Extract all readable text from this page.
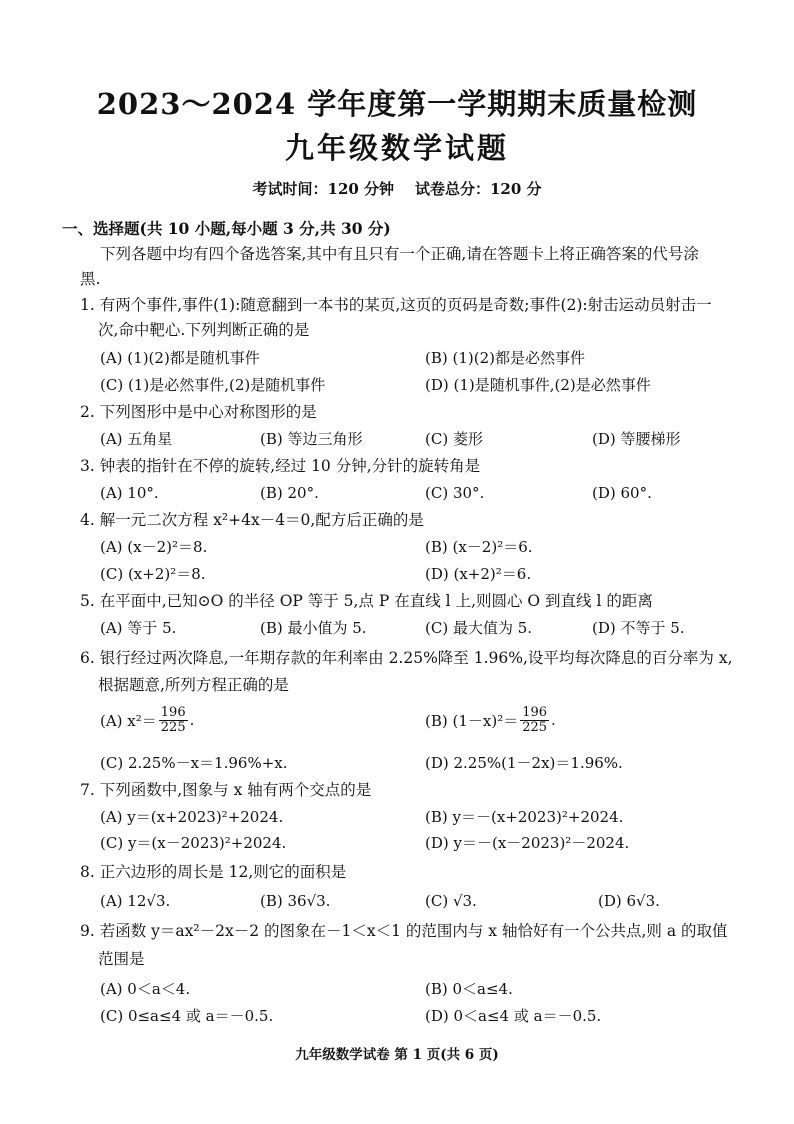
2023～2024 学年度第一学期期末质量检测
九年级数学试题
考试时间：120 分钟    试卷总分：120 分
一、选择题(共 10 小题,每小题 3 分,共 30 分)
下列各题中均有四个备选答案,其中有且只有一个正确,请在答题卡上将正确答案的代号涂
黑.
1. 有两个事件,事件(1):随意翻到一本书的某页,这页的页码是奇数;事件(2):射击运动员射击一
次,命中靶心.下列判断正确的是
(A) (1)(2)都是随机事件	(B) (1)(2)都是必然事件
(C) (1)是必然事件,(2)是随机事件	(D) (1)是随机事件,(2)是必然事件
2. 下列图形中是中心对称图形的是
(A) 五角星	(B) 等边三角形	(C) 菱形	(D) 等腰梯形
3. 钟表的指针在不停的旋转,经过 10 分钟,分针的旋转角是
(A) 10°.	(B) 20°.	(C) 30°.	(D) 60°.
4. 解一元二次方程 x²+4x－4＝0,配方后正确的是
(A) (x－2)²＝8.	(B) (x－2)²＝6.
(C) (x+2)²＝8.	(D) (x+2)²＝6.
5. 在平面中,已知⊙O 的半径 OP 等于 5,点 P 在直线 l 上,则圆心 O 到直线 l 的距离
(A) 等于 5.	(B) 最小值为 5.	(C) 最大值为 5.	(D) 不等于 5.
6. 银行经过两次降息,一年期存款的年利率由 2.25%降至 1.96%,设平均每次降息的百分率为 x,
根据题意,所列方程正确的是
(A) $x^2= \frac{196}{225}$ .	(B) $(1-x)^2= \frac{196}{225}$ .
(C) 2.25%－x＝1.96%+x.	(D) 2.25%(1－2x)＝1.96%.
7. 下列函数中,图象与 x 轴有两个交点的是
(A) y＝(x+2023)²+2024.	(B) y＝－(x+2023)²+2024.
(C) y＝(x－2023)²+2024.	(D) y＝－(x－2023)²－2024.
8. 正六边形的周长是 12,则它的面积是
(A) 12√3.	(B) 36√3.	(C) √3.	(D) 6√3.
9. 若函数 y＝ax²－2x－2 的图象在－1＜x＜1 的范围内与 x 轴恰好有一个公共点,则 a 的取值
范围是
(A) 0＜a＜4.	(B) 0＜a≤4.
(C) 0≤a≤4 或 a＝－0.5.	(D) 0＜a≤4 或 a＝－0.5.
九年级数学试卷 第 1 页(共 6 页)
